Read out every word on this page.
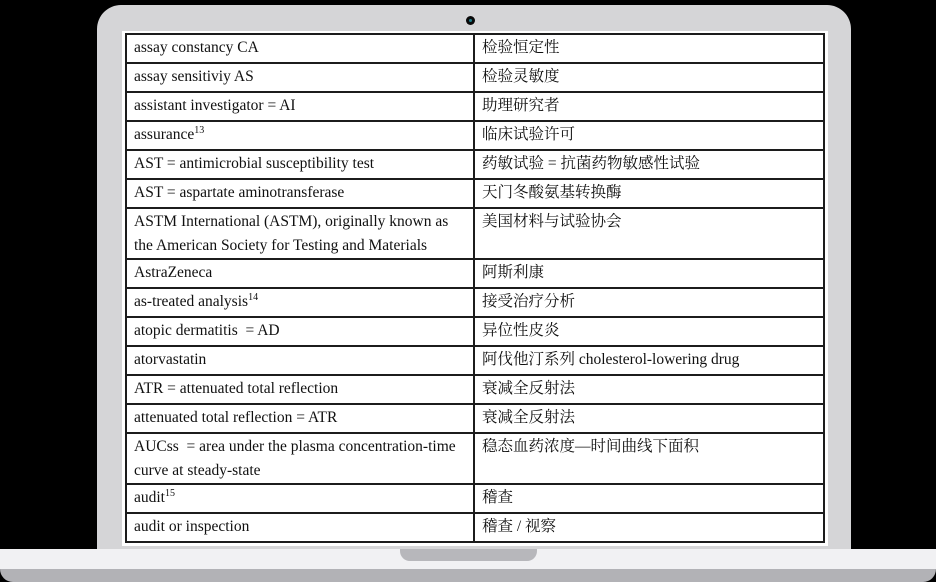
assay constancy CA	检验恒定性
assay sensitiviy AS	检验灵敏度
assistant investigator = AI	助理研究者
assurance$^{13}$	临床试验许可
AST = antimicrobial susceptibility test	药敏试验 = 抗菌药物敏感性试验
AST = aspartate aminotransferase	天门冬酸氨基转换酶
ASTM International (ASTM), originally known as the American Society for Testing and Materials	美国材料与试验协会
AstraZeneca	阿斯利康
as-treated analysis$^{14}$	接受治疗分析
atopic dermatitis  = AD	异位性皮炎
atorvastatin	阿伐他汀系列 cholesterol-lowering drug
ATR = attenuated total reflection	衰减全反射法
attenuated total reflection = ATR	衰减全反射法
AUCss  = area under the plasma concentration-time curve at steady-state	稳态血药浓度—时间曲线下面积
audit$^{15}$	稽查
audit or inspection	稽查 / 视察
